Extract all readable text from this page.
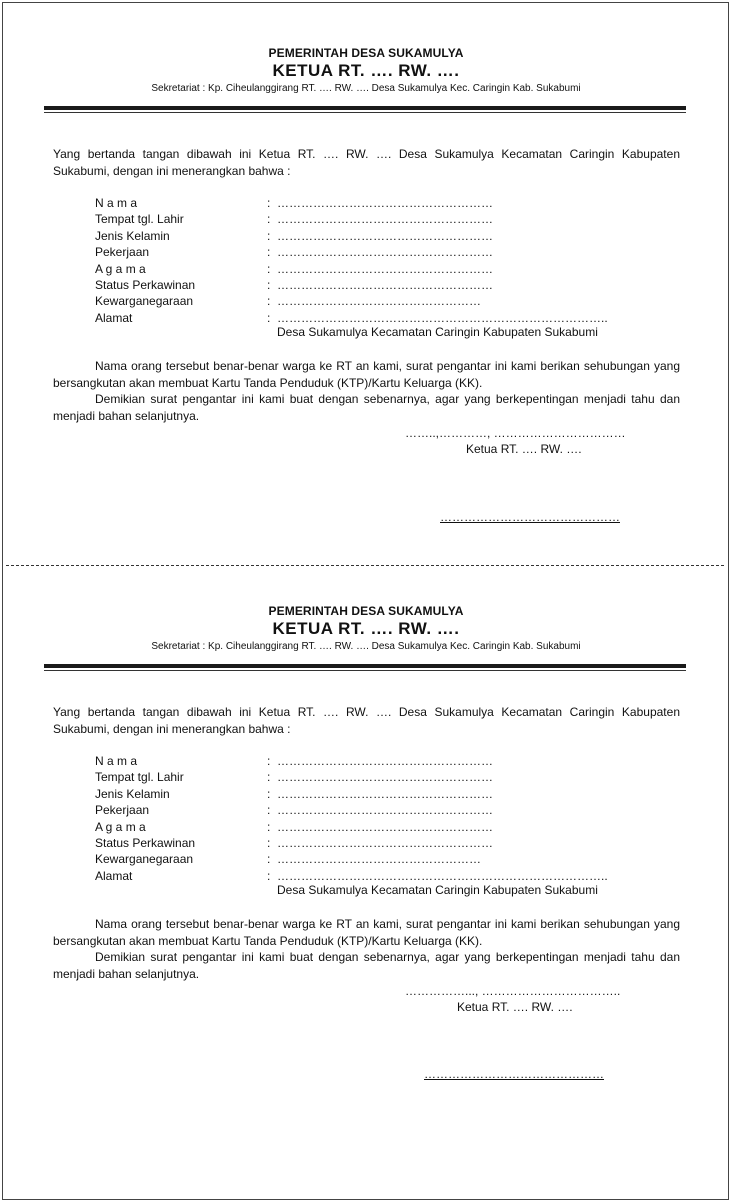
PEMERINTAH DESA SUKAMULYA
KETUA RT. …. RW. ….
Sekretariat : Kp. Ciheulanggirang RT. …. RW. …. Desa Sukamulya Kec. Caringin Kab. Sukabumi
Yang bertanda tangan dibawah ini Ketua RT. …. RW. …. Desa Sukamulya Kecamatan Caringin Kabupaten Sukabumi, dengan ini menerangkan bahwa :
N a m a	: ………………………………………………
Tempat tgl. Lahir	: ………………………………………………
Jenis Kelamin	: ………………………………………………
Pekerjaan	: ………………………………………………
A g a m a	: ………………………………………………
Status Perkawinan	: ………………………………………………
Kewarganegaraan	: ……………………………………………
Alamat	: ………………………………………………………………………..
Desa Sukamulya Kecamatan Caringin Kabupaten Sukabumi
Nama orang tersebut benar-benar warga ke RT an kami, surat pengantar ini kami berikan sehubungan yang bersangkutan akan membuat Kartu Tanda Penduduk (KTP)/Kartu Keluarga (KK).
Demikian surat pengantar ini kami buat dengan sebenarnya, agar yang berkepentingan menjadi tahu dan menjadi bahan selanjutnya.
……..,…………, ……………………………
Ketua RT. …. RW. ….
………………………………………
PEMERINTAH DESA SUKAMULYA
KETUA RT. …. RW. ….
Sekretariat : Kp. Ciheulanggirang RT. …. RW. …. Desa Sukamulya Kec. Caringin Kab. Sukabumi
Yang bertanda tangan dibawah ini Ketua RT. …. RW. …. Desa Sukamulya Kecamatan Caringin Kabupaten Sukabumi, dengan ini menerangkan bahwa :
N a m a	: ………………………………………………
Tempat tgl. Lahir	: ………………………………………………
Jenis Kelamin	: ………………………………………………
Pekerjaan	: ………………………………………………
A g a m a	: ………………………………………………
Status Perkawinan	: ………………………………………………
Kewarganegaraan	: ……………………………………………
Alamat	: ………………………………………………………………………..
Desa Sukamulya Kecamatan Caringin Kabupaten Sukabumi
Nama orang tersebut benar-benar warga ke RT an kami, surat pengantar ini kami berikan sehubungan yang bersangkutan akan membuat Kartu Tanda Penduduk (KTP)/Kartu Keluarga (KK).
Demikian surat pengantar ini kami buat dengan sebenarnya, agar yang berkepentingan menjadi tahu dan menjadi bahan selanjutnya.
……………..., ……………………………..
Ketua RT. …. RW. ….
………………………………………
